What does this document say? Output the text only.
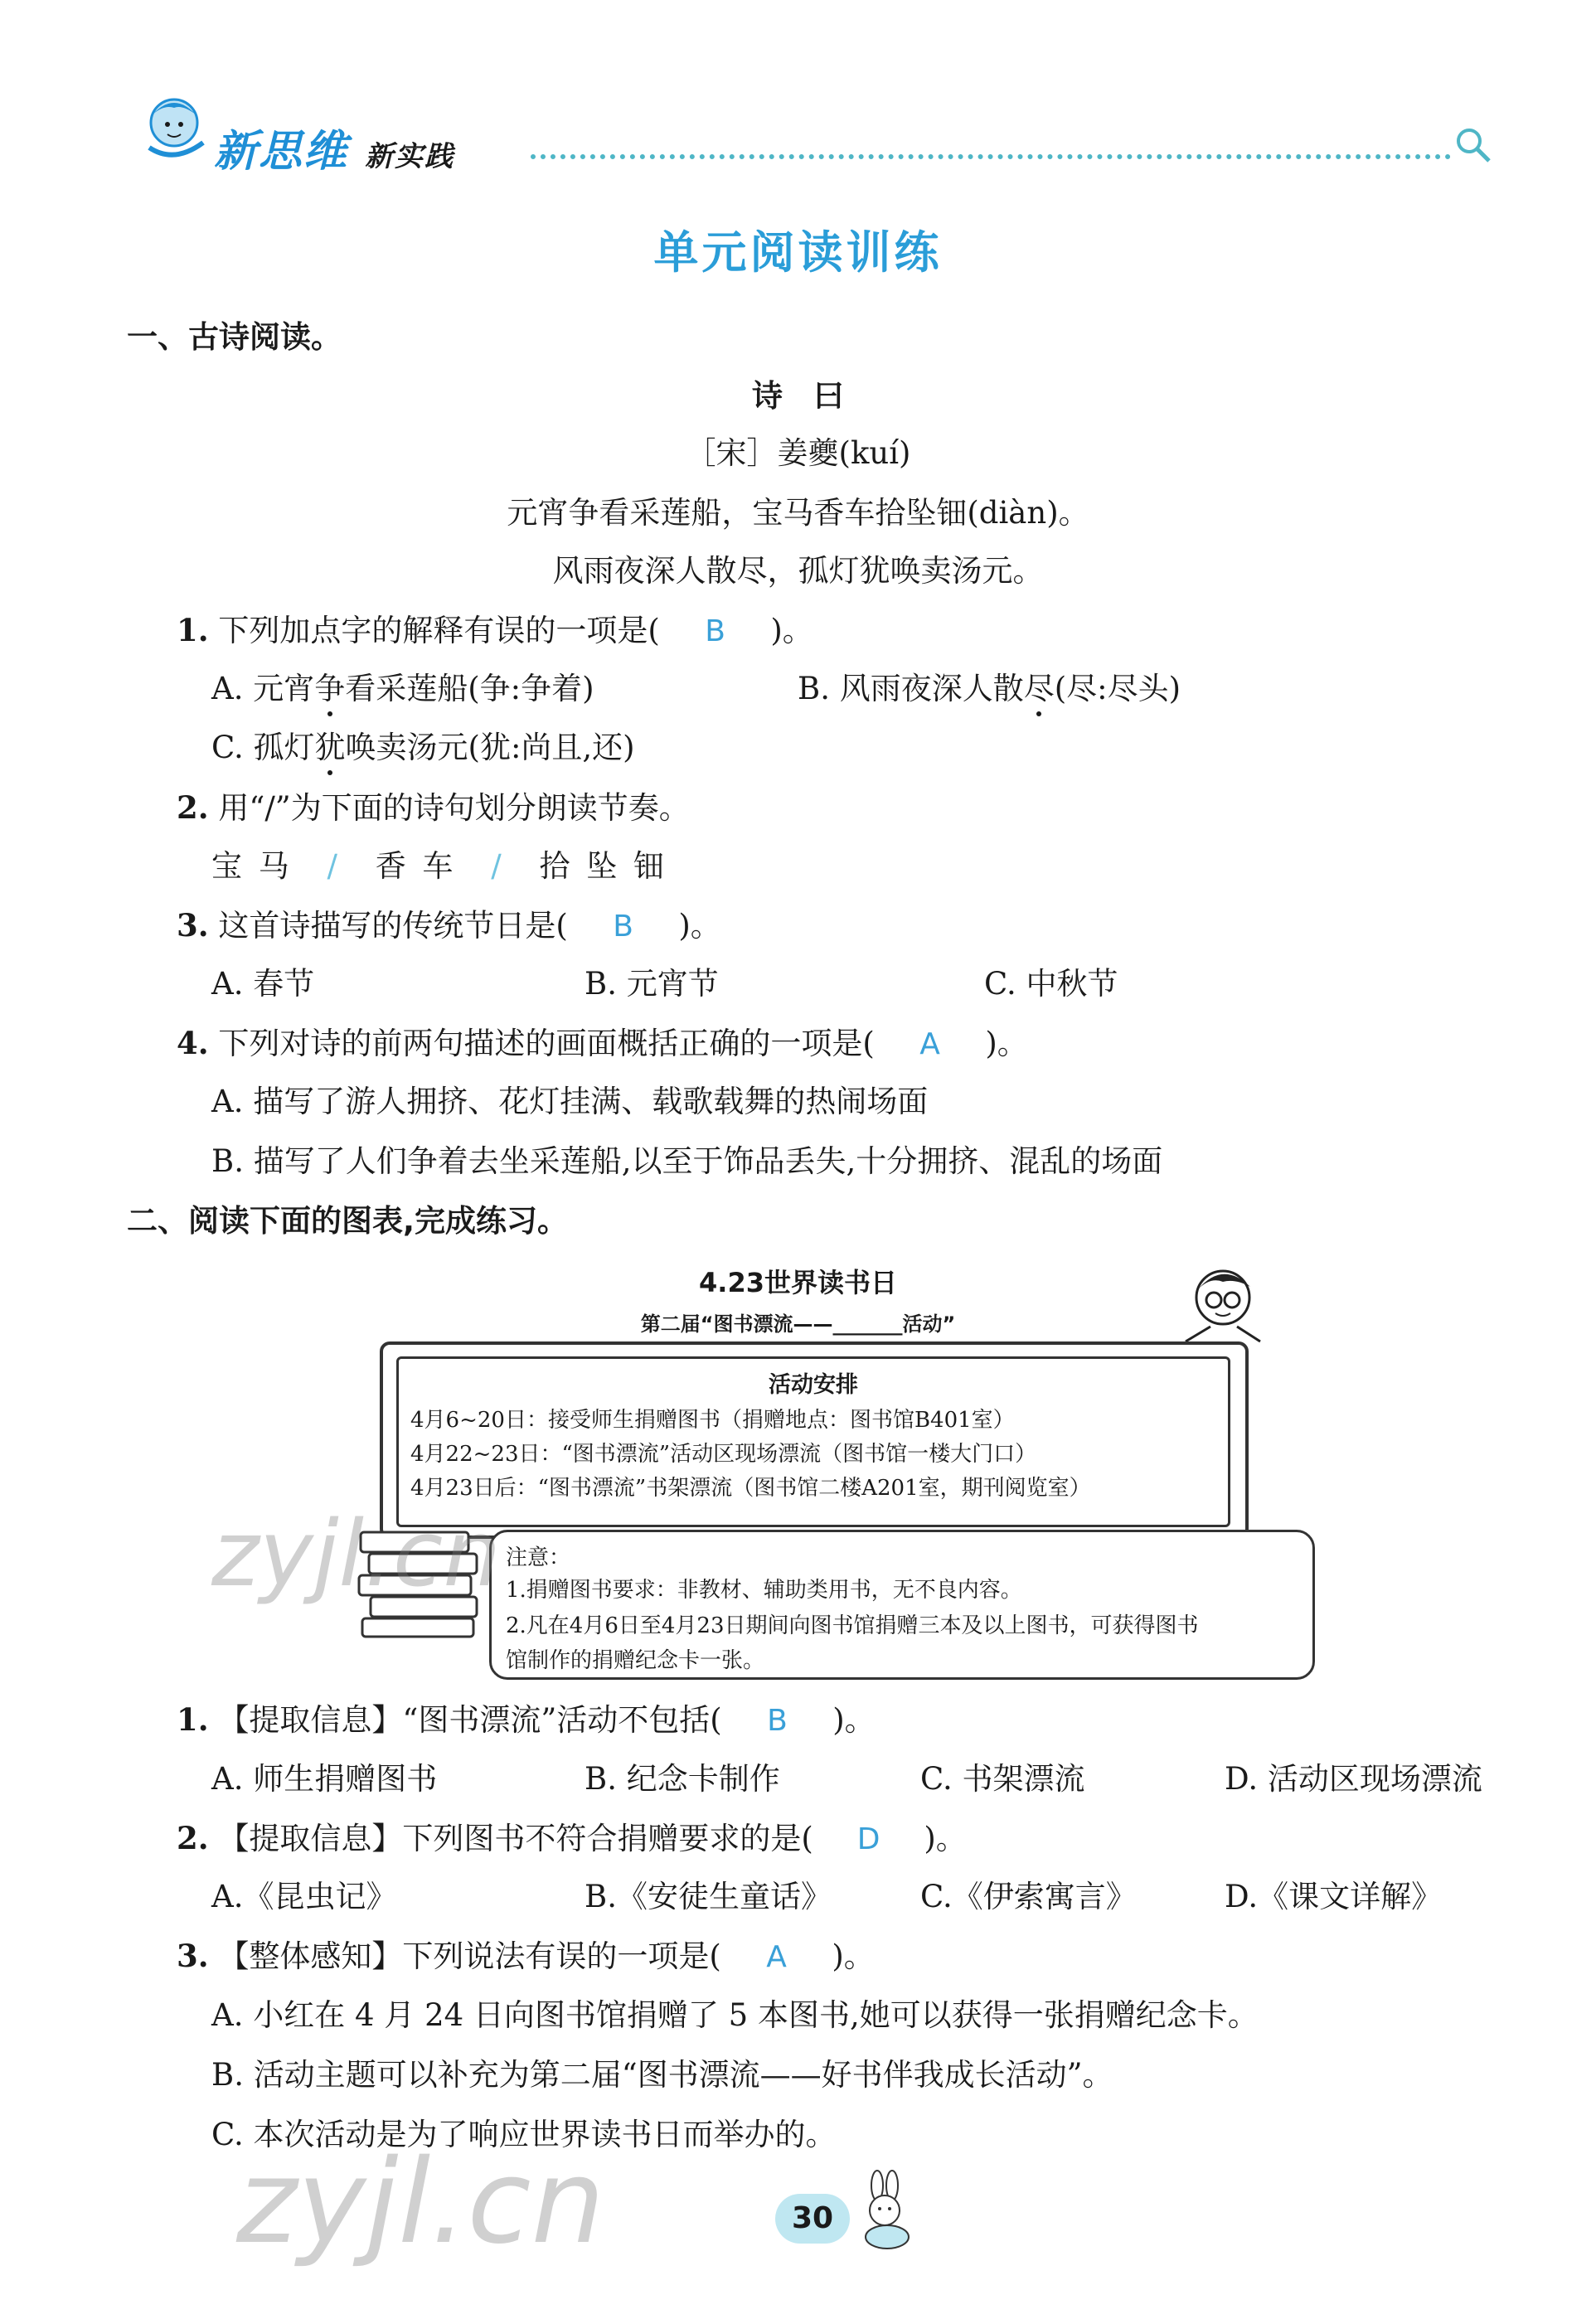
新思维 新实践
单元阅读训练
一、古诗阅读。
诗　曰
［宋］姜夔(kuí)
元宵争看采莲船，宝马香车拾坠钿(diàn)。
风雨夜深人散尽，孤灯犹唤卖汤元。
1. 下列加点字的解释有误的一项是( B )。
A. 元宵争看采莲船(争:争着)	B. 风雨夜深人散尽(尽:尽头)
C. 孤灯犹唤卖汤元(犹:尚且,还)
2. 用“/”为下面的诗句划分朗读节奏。
宝 马 / 香 车 / 拾 坠 钿
3. 这首诗描写的传统节日是( B )。
A. 春节	B. 元宵节	C. 中秋节
4. 下列对诗的前两句描述的画面概括正确的一项是( A )。
A. 描写了游人拥挤、花灯挂满、载歌载舞的热闹场面
B. 描写了人们争着去坐采莲船,以至于饰品丢失,十分拥挤、混乱的场面
二、阅读下面的图表,完成练习。
4.23世界读书日
第二届“图书漂流——_______活动”
活动安排
4月6~20日：接受师生捐赠图书（捐赠地点：图书馆B401室）
4月22~23日：“图书漂流”活动区现场漂流（图书馆一楼大门口）
4月23日后：“图书漂流”书架漂流（图书馆二楼A201室，期刊阅览室）
注意：
1.捐赠图书要求：非教材、辅助类用书，无不良内容。
2.凡在4月6日至4月23日期间向图书馆捐赠三本及以上图书，可获得图书
馆制作的捐赠纪念卡一张。
1. 【提取信息】“图书漂流”活动不包括( B )。
A. 师生捐赠图书	B. 纪念卡制作	C. 书架漂流	D. 活动区现场漂流
2. 【提取信息】下列图书不符合捐赠要求的是( D )。
A.《昆虫记》	B.《安徒生童话》	C.《伊索寓言》	D.《课文详解》
3. 【整体感知】下列说法有误的一项是( A )。
A. 小红在 4 月 24 日向图书馆捐赠了 5 本图书,她可以获得一张捐赠纪念卡。
B. 活动主题可以补充为第二届“图书漂流——好书伴我成长活动”。
C. 本次活动是为了响应世界读书日而举办的。
zyjl.cn
zyjl.cn	30
